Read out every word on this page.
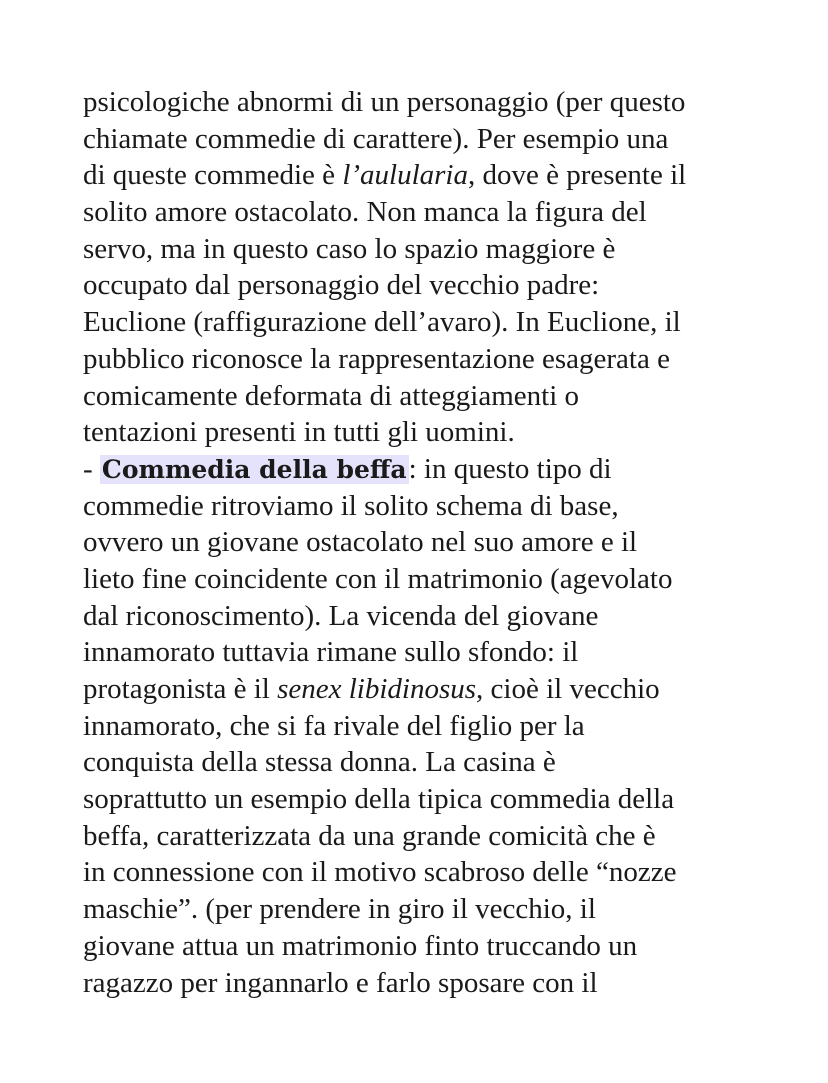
psicologiche abnormi di un personaggio (per questo
chiamate commedie di carattere). Per esempio una
di queste commedie è l’aulularia, dove è presente il
solito amore ostacolato. Non manca la figura del
servo, ma in questo caso lo spazio maggiore è
occupato dal personaggio del vecchio padre:
Euclione (raffigurazione dell’avaro). In Euclione, il
pubblico riconosce la rappresentazione esagerata e
comicamente deformata di atteggiamenti o
tentazioni presenti in tutti gli uomini.
- Commedia della beffa: in questo tipo di
commedie ritroviamo il solito schema di base,
ovvero un giovane ostacolato nel suo amore e il
lieto fine coincidente con il matrimonio (agevolato
dal riconoscimento). La vicenda del giovane
innamorato tuttavia rimane sullo sfondo: il
protagonista è il senex libidinosus, cioè il vecchio
innamorato, che si fa rivale del figlio per la
conquista della stessa donna. La casina è
soprattutto un esempio della tipica commedia della
beffa, caratterizzata da una grande comicità che è
in connessione con il motivo scabroso delle “nozze
maschie”. (per prendere in giro il vecchio, il
giovane attua un matrimonio finto truccando un
ragazzo per ingannarlo e farlo sposare con il
